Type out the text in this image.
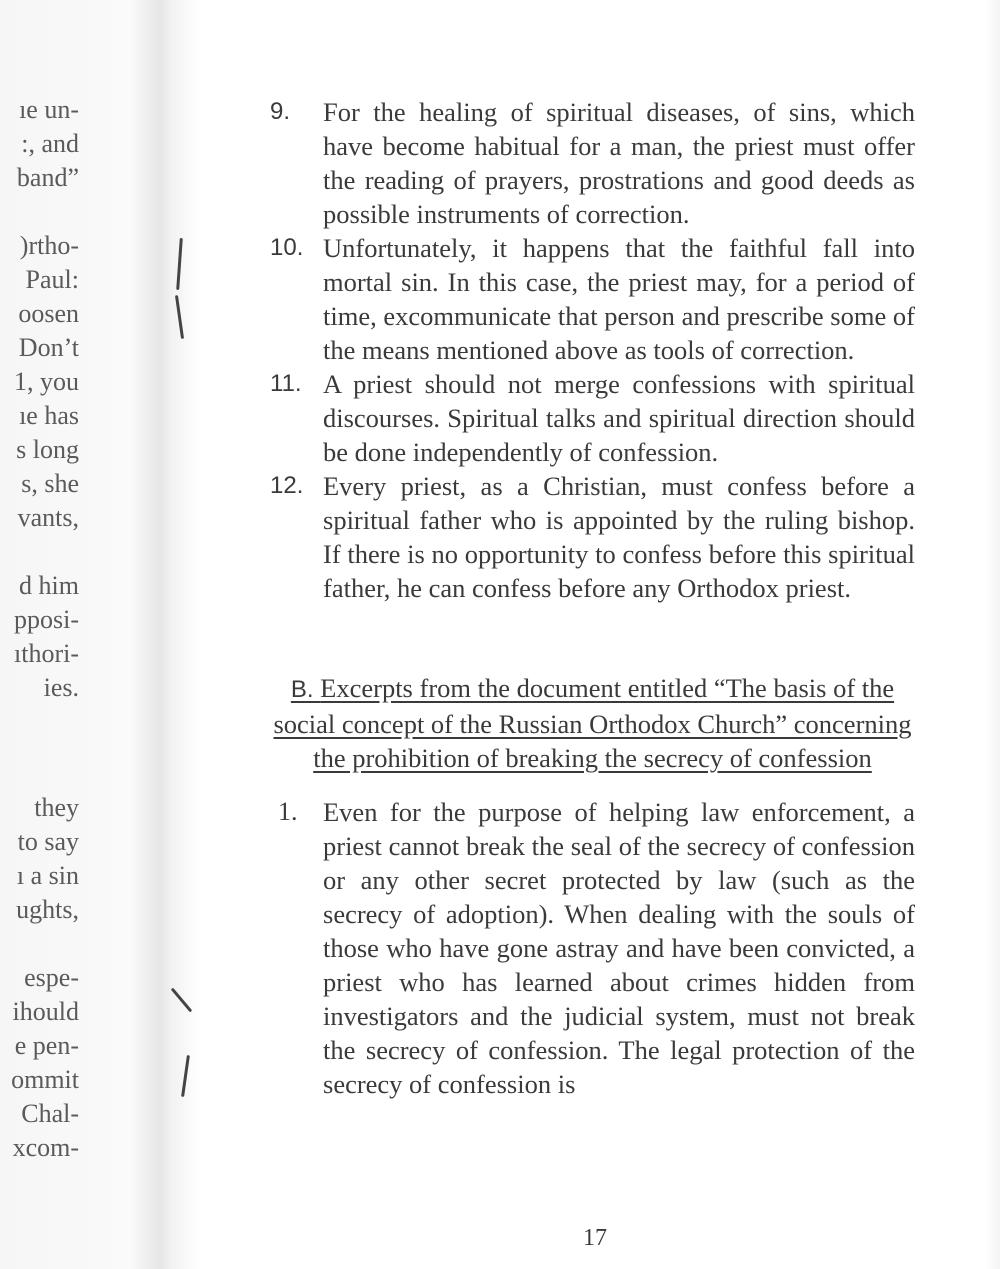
ıe un-
:, and
band”
)rtho-
Paul:
oosen
Don’t
1, you
ıe has
s long
s, she
vants,
d him
pposi-
ıthori-
ies.
they
to say
ı a sin
ughts,
espe-
ihould
e pen-
ommit
Chal-
xcom-
9. For the healing of spiritual diseases, of sins, which have become habitual for a man, the priest must offer the reading of prayers, prostrations and good deeds as possible instruments of correction.
10. Unfortunately, it happens that the faithful fall into mortal sin. In this case, the priest may, for a period of time, excommunicate that person and prescribe some of the means mentioned above as tools of correction.
11. A priest should not merge confessions with spiritual discourses. Spiritual talks and spiritual direction should be done independently of confession.
12. Every priest, as a Christian, must confess before a spiritual father who is appointed by the ruling bishop. If there is no opportunity to confess before this spiritual father, he can confess before any Orthodox priest.
B. Excerpts from the document entitled “The basis of the social concept of the Russian Orthodox Church” concerning the prohibition of breaking the secrecy of confession
1. Even for the purpose of helping law enforcement, a priest cannot break the seal of the secrecy of confession or any other secret protected by law (such as the secrecy of adoption). When dealing with the souls of those who have gone astray and have been convicted, a priest who has learned about crimes hidden from investigators and the judicial system, must not break the secrecy of confession. The legal protection of the secrecy of confession is
17
